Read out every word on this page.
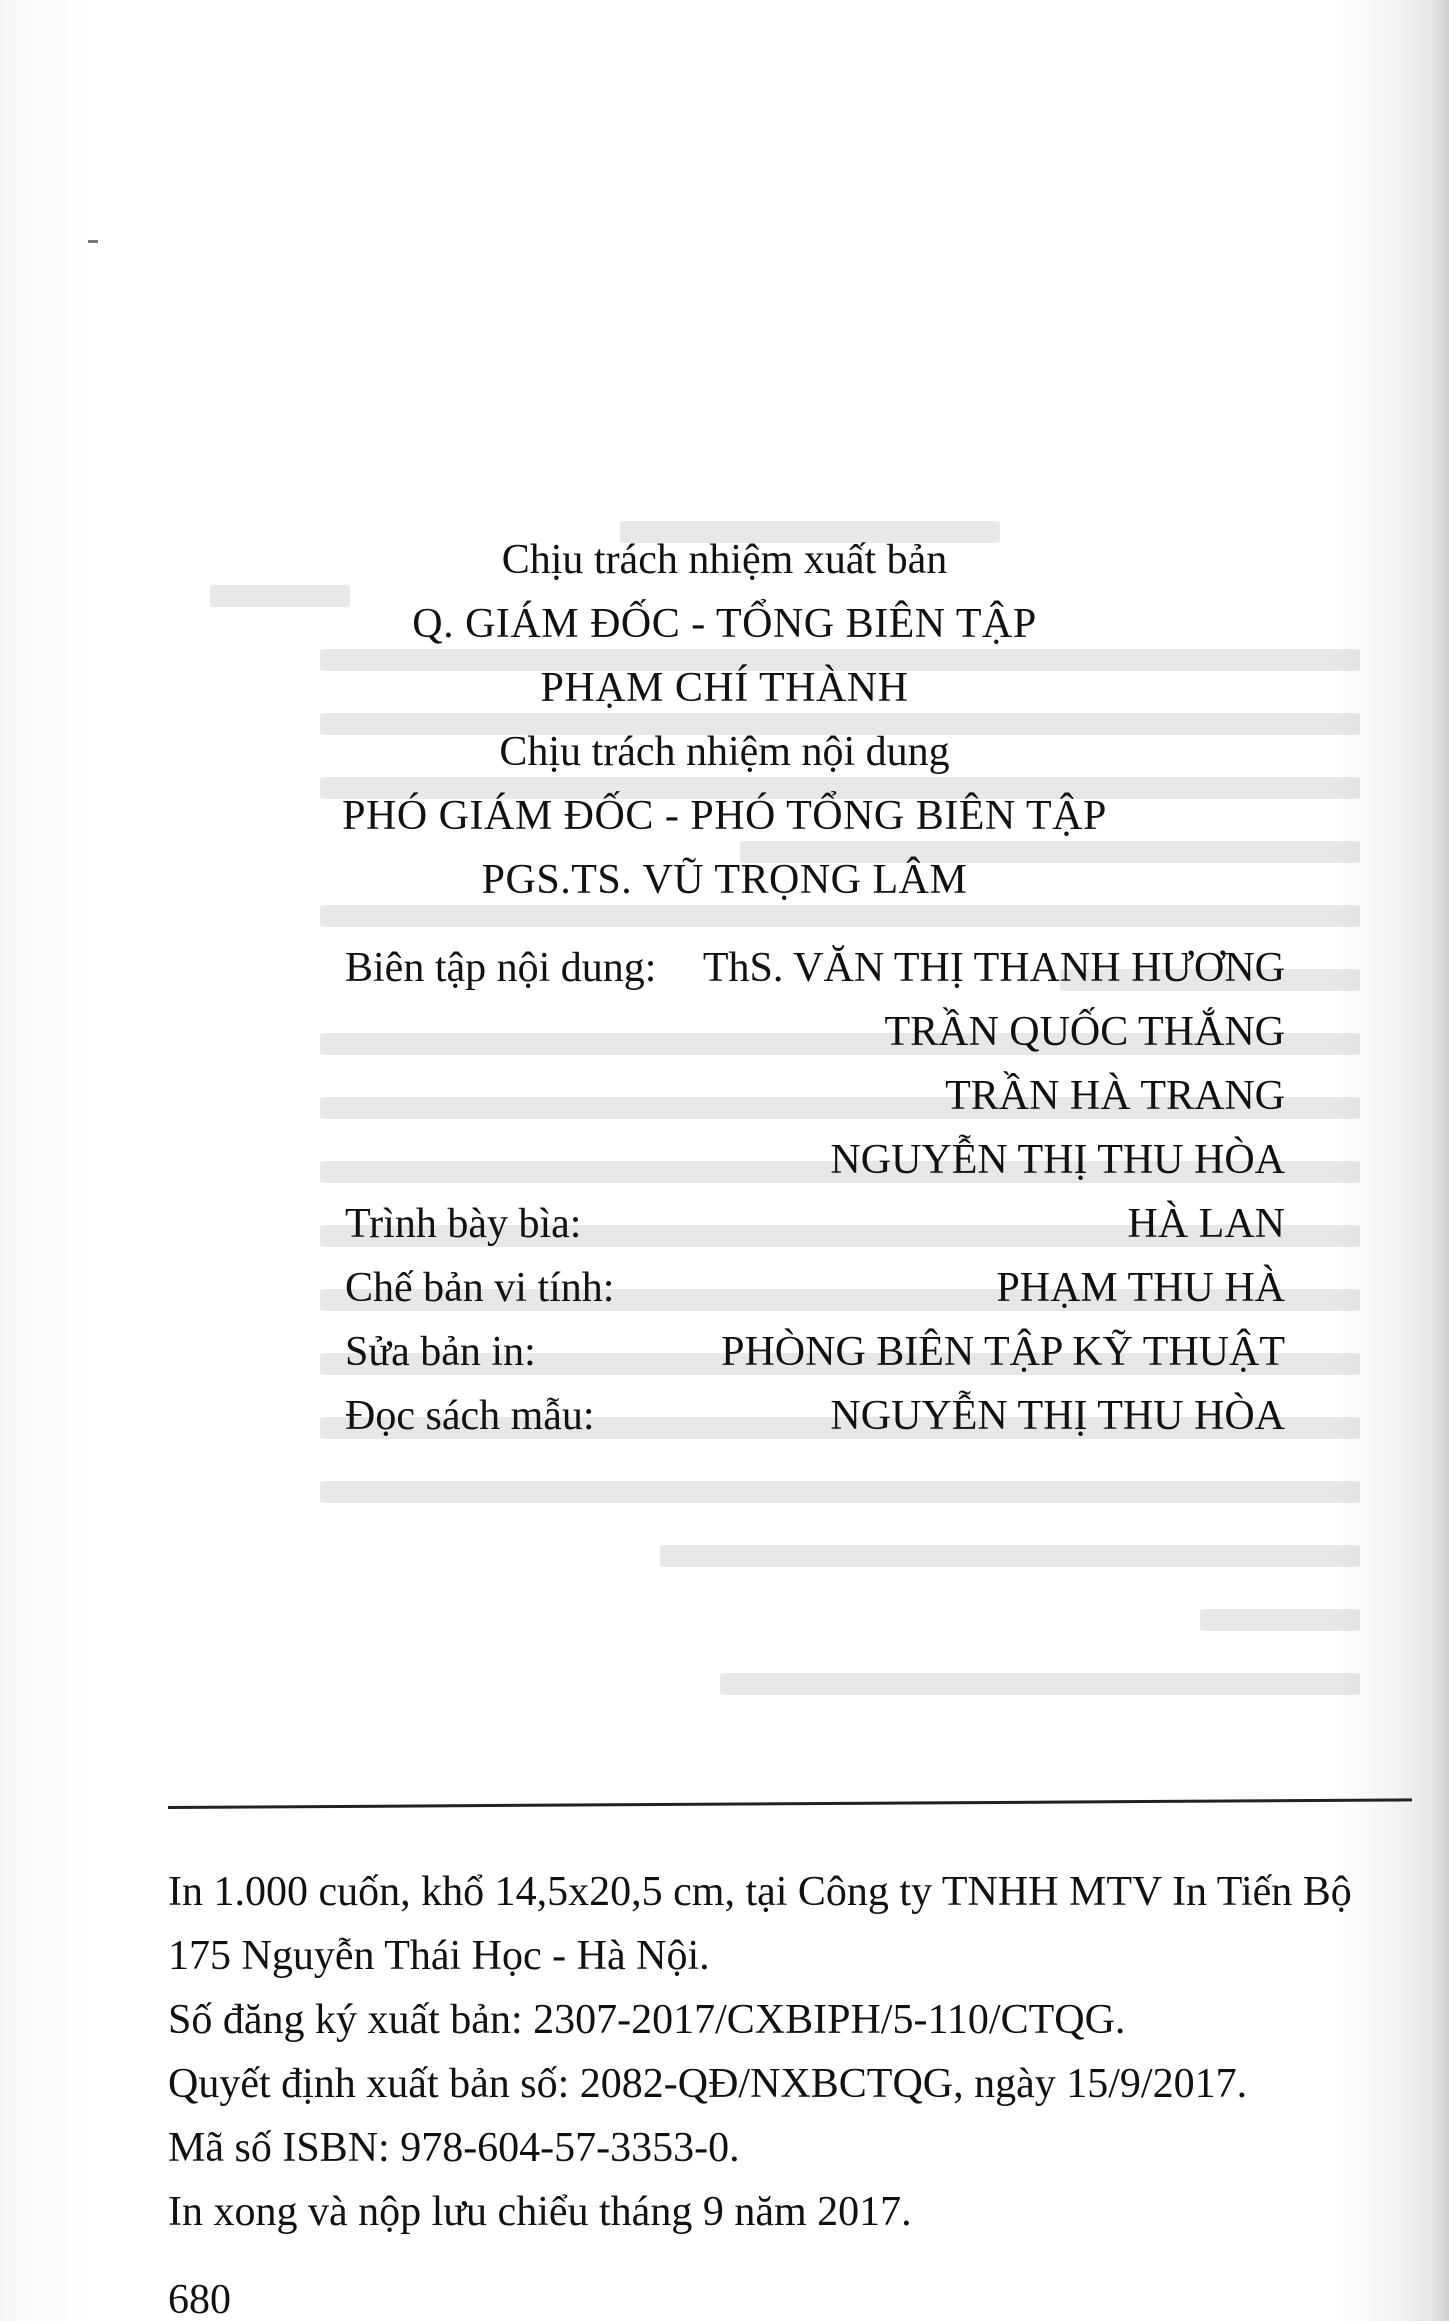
Chịu trách nhiệm xuất bản
Q. GIÁM ĐỐC - TỔNG BIÊN TẬP
PHẠM CHÍ THÀNH
Chịu trách nhiệm nội dung
PHÓ GIÁM ĐỐC - PHÓ TỔNG BIÊN TẬP
PGS.TS. VŨ TRỌNG LÂM
Biên tập nội dung: ThS. VĂN THỊ THANH HƯƠNG
TRẦN QUỐC THẮNG
TRẦN HÀ TRANG
NGUYỄN THỊ THU HÒA
Trình bày bìa:	HÀ LAN
Chế bản vi tính:	PHẠM THU HÀ
Sửa bản in:	PHÒNG BIÊN TẬP KỸ THUẬT
Đọc sách mẫu:	NGUYỄN THỊ THU HÒA
In 1.000 cuốn, khổ 14,5x20,5 cm, tại Công ty TNHH MTV In Tiến Bộ
175 Nguyễn Thái Học - Hà Nội.
Số đăng ký xuất bản: 2307-2017/CXBIPH/5-110/CTQG.
Quyết định xuất bản số: 2082-QĐ/NXBCTQG, ngày 15/9/2017.
Mã số ISBN: 978-604-57-3353-0.
In xong và nộp lưu chiểu tháng 9 năm 2017.
680
